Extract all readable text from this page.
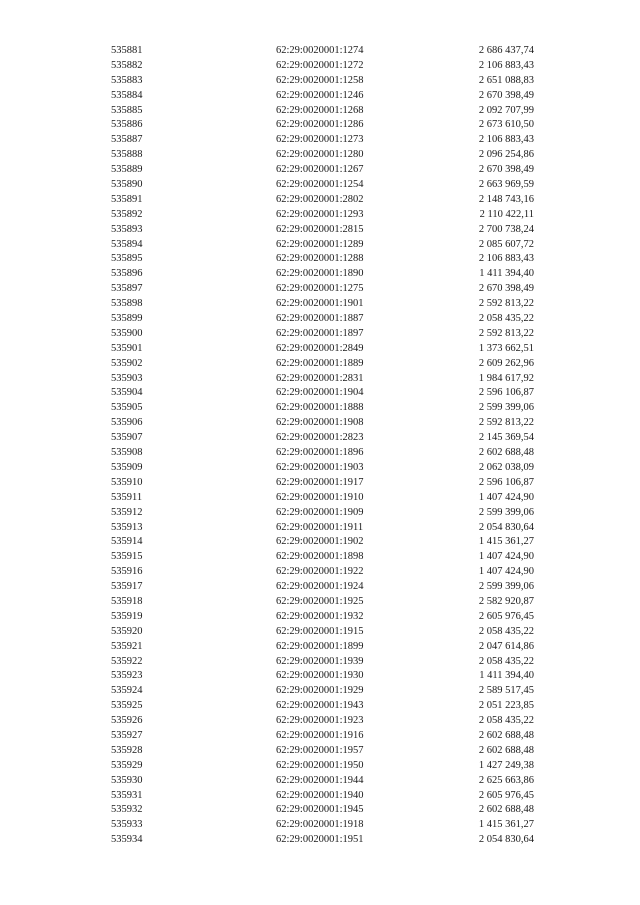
535881	62:29:0020001:1274	2 686 437,74
535882	62:29:0020001:1272	2 106 883,43
535883	62:29:0020001:1258	2 651 088,83
535884	62:29:0020001:1246	2 670 398,49
535885	62:29:0020001:1268	2 092 707,99
535886	62:29:0020001:1286	2 673 610,50
535887	62:29:0020001:1273	2 106 883,43
535888	62:29:0020001:1280	2 096 254,86
535889	62:29:0020001:1267	2 670 398,49
535890	62:29:0020001:1254	2 663 969,59
535891	62:29:0020001:2802	2 148 743,16
535892	62:29:0020001:1293	2 110 422,11
535893	62:29:0020001:2815	2 700 738,24
535894	62:29:0020001:1289	2 085 607,72
535895	62:29:0020001:1288	2 106 883,43
535896	62:29:0020001:1890	1 411 394,40
535897	62:29:0020001:1275	2 670 398,49
535898	62:29:0020001:1901	2 592 813,22
535899	62:29:0020001:1887	2 058 435,22
535900	62:29:0020001:1897	2 592 813,22
535901	62:29:0020001:2849	1 373 662,51
535902	62:29:0020001:1889	2 609 262,96
535903	62:29:0020001:2831	1 984 617,92
535904	62:29:0020001:1904	2 596 106,87
535905	62:29:0020001:1888	2 599 399,06
535906	62:29:0020001:1908	2 592 813,22
535907	62:29:0020001:2823	2 145 369,54
535908	62:29:0020001:1896	2 602 688,48
535909	62:29:0020001:1903	2 062 038,09
535910	62:29:0020001:1917	2 596 106,87
535911	62:29:0020001:1910	1 407 424,90
535912	62:29:0020001:1909	2 599 399,06
535913	62:29:0020001:1911	2 054 830,64
535914	62:29:0020001:1902	1 415 361,27
535915	62:29:0020001:1898	1 407 424,90
535916	62:29:0020001:1922	1 407 424,90
535917	62:29:0020001:1924	2 599 399,06
535918	62:29:0020001:1925	2 582 920,87
535919	62:29:0020001:1932	2 605 976,45
535920	62:29:0020001:1915	2 058 435,22
535921	62:29:0020001:1899	2 047 614,86
535922	62:29:0020001:1939	2 058 435,22
535923	62:29:0020001:1930	1 411 394,40
535924	62:29:0020001:1929	2 589 517,45
535925	62:29:0020001:1943	2 051 223,85
535926	62:29:0020001:1923	2 058 435,22
535927	62:29:0020001:1916	2 602 688,48
535928	62:29:0020001:1957	2 602 688,48
535929	62:29:0020001:1950	1 427 249,38
535930	62:29:0020001:1944	2 625 663,86
535931	62:29:0020001:1940	2 605 976,45
535932	62:29:0020001:1945	2 602 688,48
535933	62:29:0020001:1918	1 415 361,27
535934	62:29:0020001:1951	2 054 830,64
